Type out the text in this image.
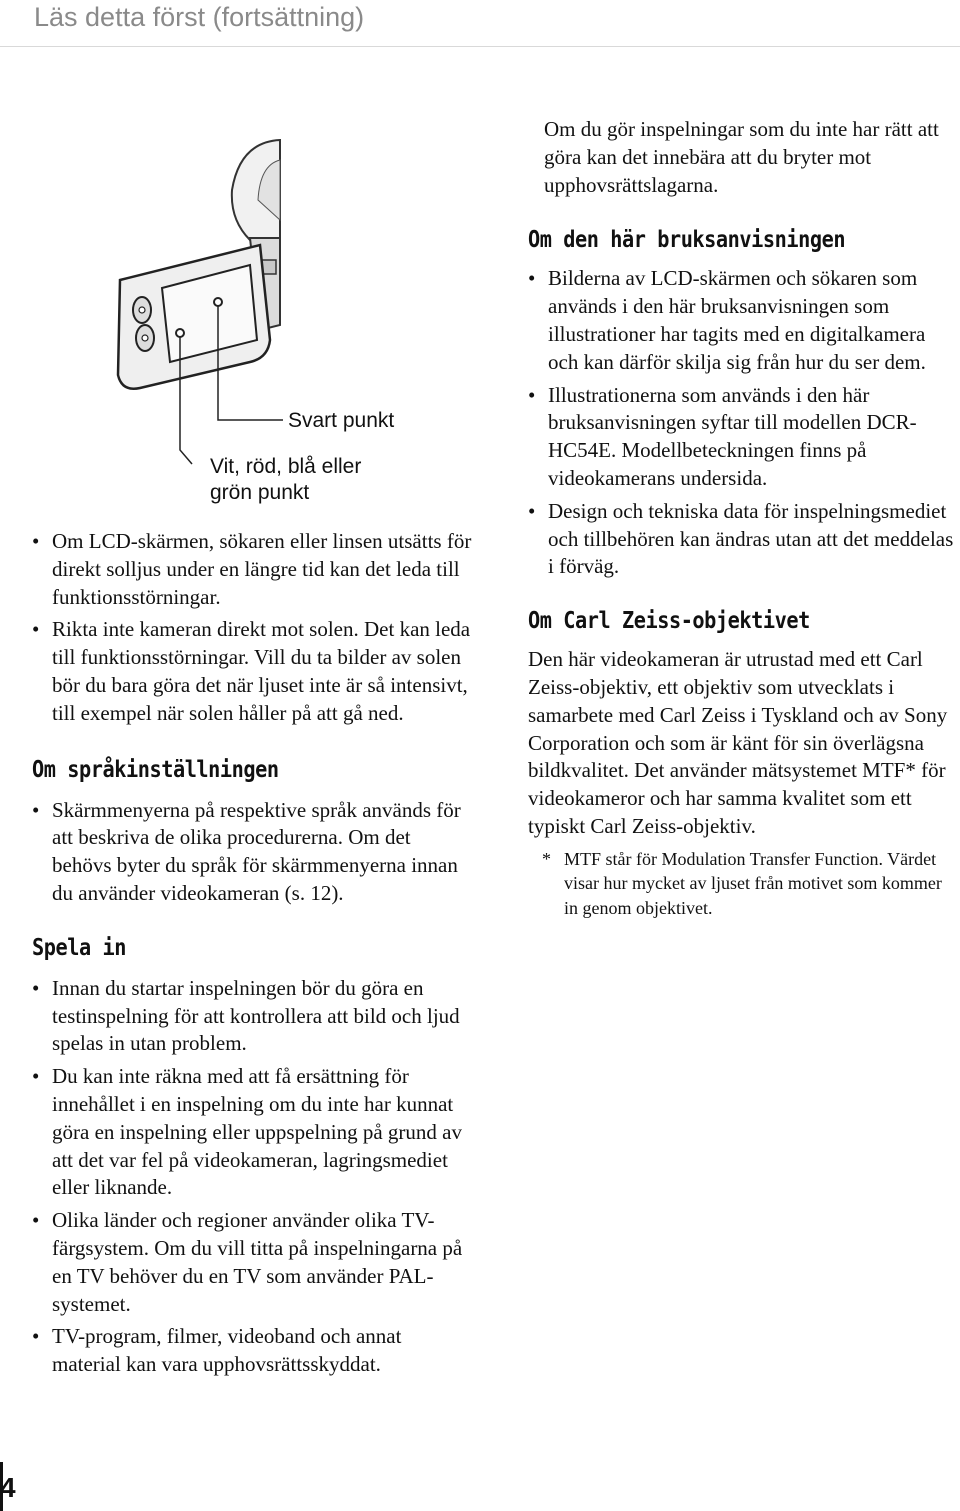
Läs detta först (fortsättning)
Svart punkt
Vit, röd, blå eller
grön punkt
• Om LCD-skärmen, sökaren eller linsen utsätts för direkt solljus under en längre tid kan det leda till funktionsstörningar.

• Rikta inte kameran direkt mot solen. Det kan leda till funktionsstörningar. Vill du ta bilder av solen bör du bara göra det när ljuset inte är så intensivt, till exempel när solen håller på att gå ned.

Om språkinställningen
• Skärmmenyerna på respektive språk används för att beskriva de olika procedurerna. Om det behövs byter du språk för skärmmenyerna innan du använder videokameran (s. 12).

Spela in
• Innan du startar inspelningen bör du göra en testinspelning för att kontrollera att bild och ljud spelas in utan problem.

• Du kan inte räkna med att få ersättning för innehållet i en inspelning om du inte har kunnat göra en inspelning eller uppspelning på grund av att det var fel på videokameran, lagringsmediet eller liknande.

• Olika länder och regioner använder olika TV-färgsystem. Om du vill titta på inspelningarna på en TV behöver du en TV som använder PAL-systemet.

• TV-program, filmer, videoband och annat material kan vara upphovsrättsskyddat.

Om du gör inspelningar som du inte har rätt att göra kan det innebära att du bryter mot upphovsrättslagarna.

Om den här bruksanvisningen
• Bilderna av LCD-skärmen och sökaren som används i den här bruksanvisningen som illustrationer har tagits med en digitalkamera och kan därför skilja sig från hur du ser dem.

• Illustrationerna som används i den här bruksanvisningen syftar till modellen DCR-HC54E. Modellbeteckningen finns på videokamerans undersida.

• Design och tekniska data för inspelningsmediet och tillbehören kan ändras utan att det meddelas i förväg.

Om Carl Zeiss-objektivet

Den här videokameran är utrustad med ett Carl Zeiss-objektiv, ett objektiv som utvecklats i samarbete med Carl Zeiss i Tyskland och av Sony Corporation och som är känt för sin överlägsna bildkvalitet. Det använder mätsystemet MTF* för videokameror och har samma kvalitet som ett typiskt Carl Zeiss-objektiv.

* MTF står för Modulation Transfer Function. Värdet visar hur mycket av ljuset från motivet som kommer in genom objektivet.
4
